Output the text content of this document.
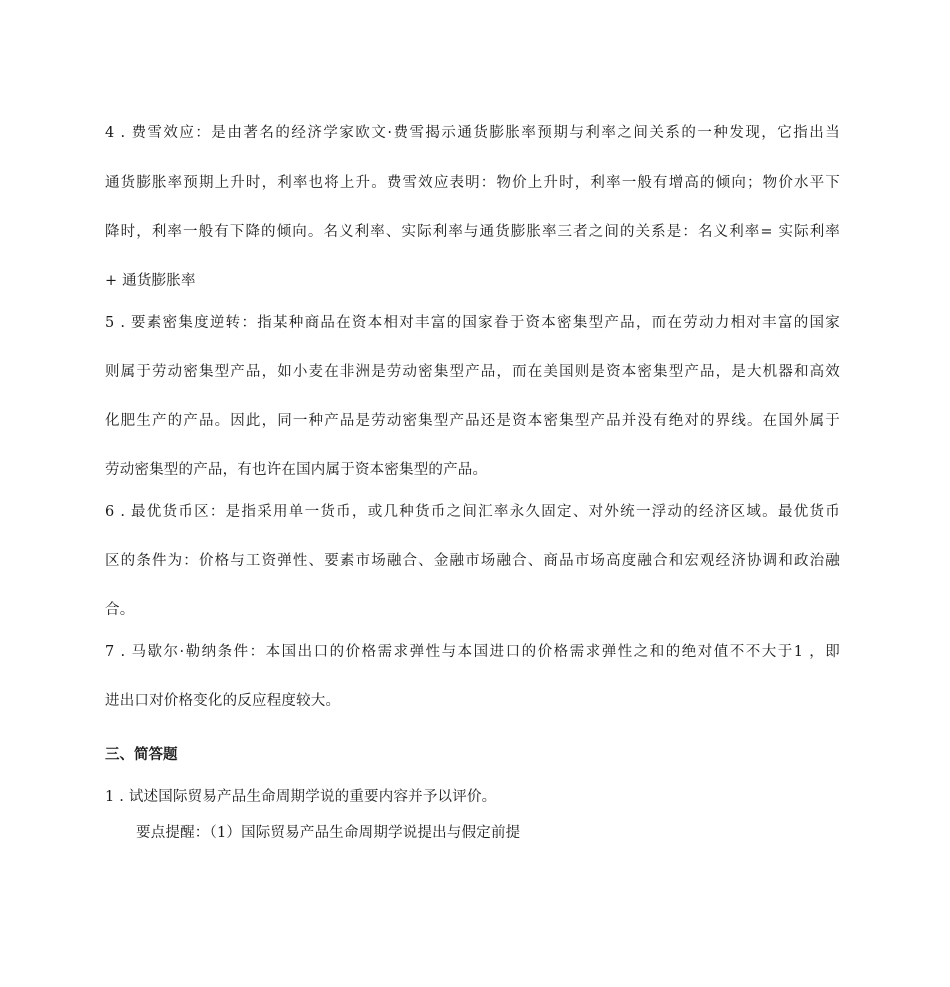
4 . 费雪效应：是由著名的经济学家欧文·费雪揭示通货膨胀率预期与利率之间关系的一种发现，它指出当
通货膨胀率预期上升时，利率也将上升。费雪效应表明：物价上升时，利率一般有增高的倾向；物价水平下
降时，利率一般有下降的倾向。名义利率、实际利率与通货膨胀率三者之间的关系是：名义利率= 实际利率
+ 通货膨胀率
5 . 要素密集度逆转：指某种商品在资本相对丰富的国家眷于资本密集型产品，而在劳动力相对丰富的国家
则属于劳动密集型产品，如小麦在非洲是劳动密集型产品，而在美国则是资本密集型产品，是大机器和高效
化肥生产的产品。因此，同一种产品是劳动密集型产品还是资本密集型产品并没有绝对的界线。在国外属于
劳动密集型的产品，有也许在国内属于资本密集型的产品。
6 . 最优货币区：是指采用单一货币，或几种货币之间汇率永久固定、对外统一浮动的经济区域。最优货币
区的条件为：价格与工资弹性、要素市场融合、金融市场融合、商品市场高度融合和宏观经济协调和政治融
合。
7 . 马歇尔·勒纳条件：本国出口的价格需求弹性与本国进口的价格需求弹性之和的绝对值不不大于1 ，即
进出口对价格变化的反应程度较大。
三、简答题
1 . 试述国际贸易产品生命周期学说的重要内容并予以评价。
要点提醒：（1）国际贸易产品生命周期学说提出与假定前提
